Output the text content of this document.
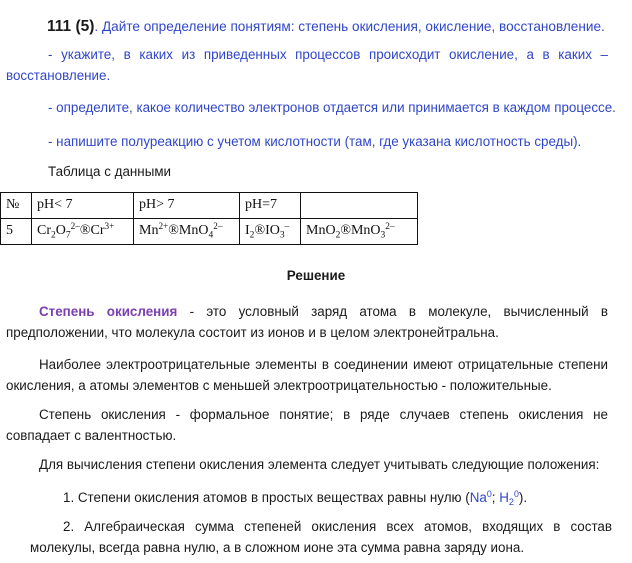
111 (5). Дайте определение понятиям: степень окисления, окисление, восстановление.
- укажите, в каких из приведенных процессов происходит окисление, а в каких – восстановление.
- определите, какое количество электронов отдается или принимается в каждом процессе.
- напишите полуреакцию с учетом кислотности (там, где указана кислотность среды).
Таблица с данными
№	pH< 7	pH> 7	pH=7	
5	$Cr_2O_7^{2-}®Cr^{3+}$	$Mn^{2+}®MnO_4^{2-}$	$I_2®IO_3^-$	MnO$_2$®MnO$_3^{2-}$
Решение
Степень окисления - это условный заряд атома в молекуле, вычисленный в предположении, что молекула состоит из ионов и в целом электронейтральна.
Наиболее электроотрицательные элементы в соединении имеют отрицательные степени окисления, а атомы элементов с меньшей электроотрицательностью - положительные.
Степень окисления - формальное понятие; в ряде случаев степень окисления не совпадает с валентностью.
Для вычисления степени окисления элемента следует учитывать следующие положения:
1. Степени окисления атомов в простых веществах равны нулю (Na$^0$; $H_2^0$).
2. Алгебраическая сумма степеней окисления всех атомов, входящих в состав молекулы, всегда равна нулю, а в сложном ионе эта сумма равна заряду иона.
